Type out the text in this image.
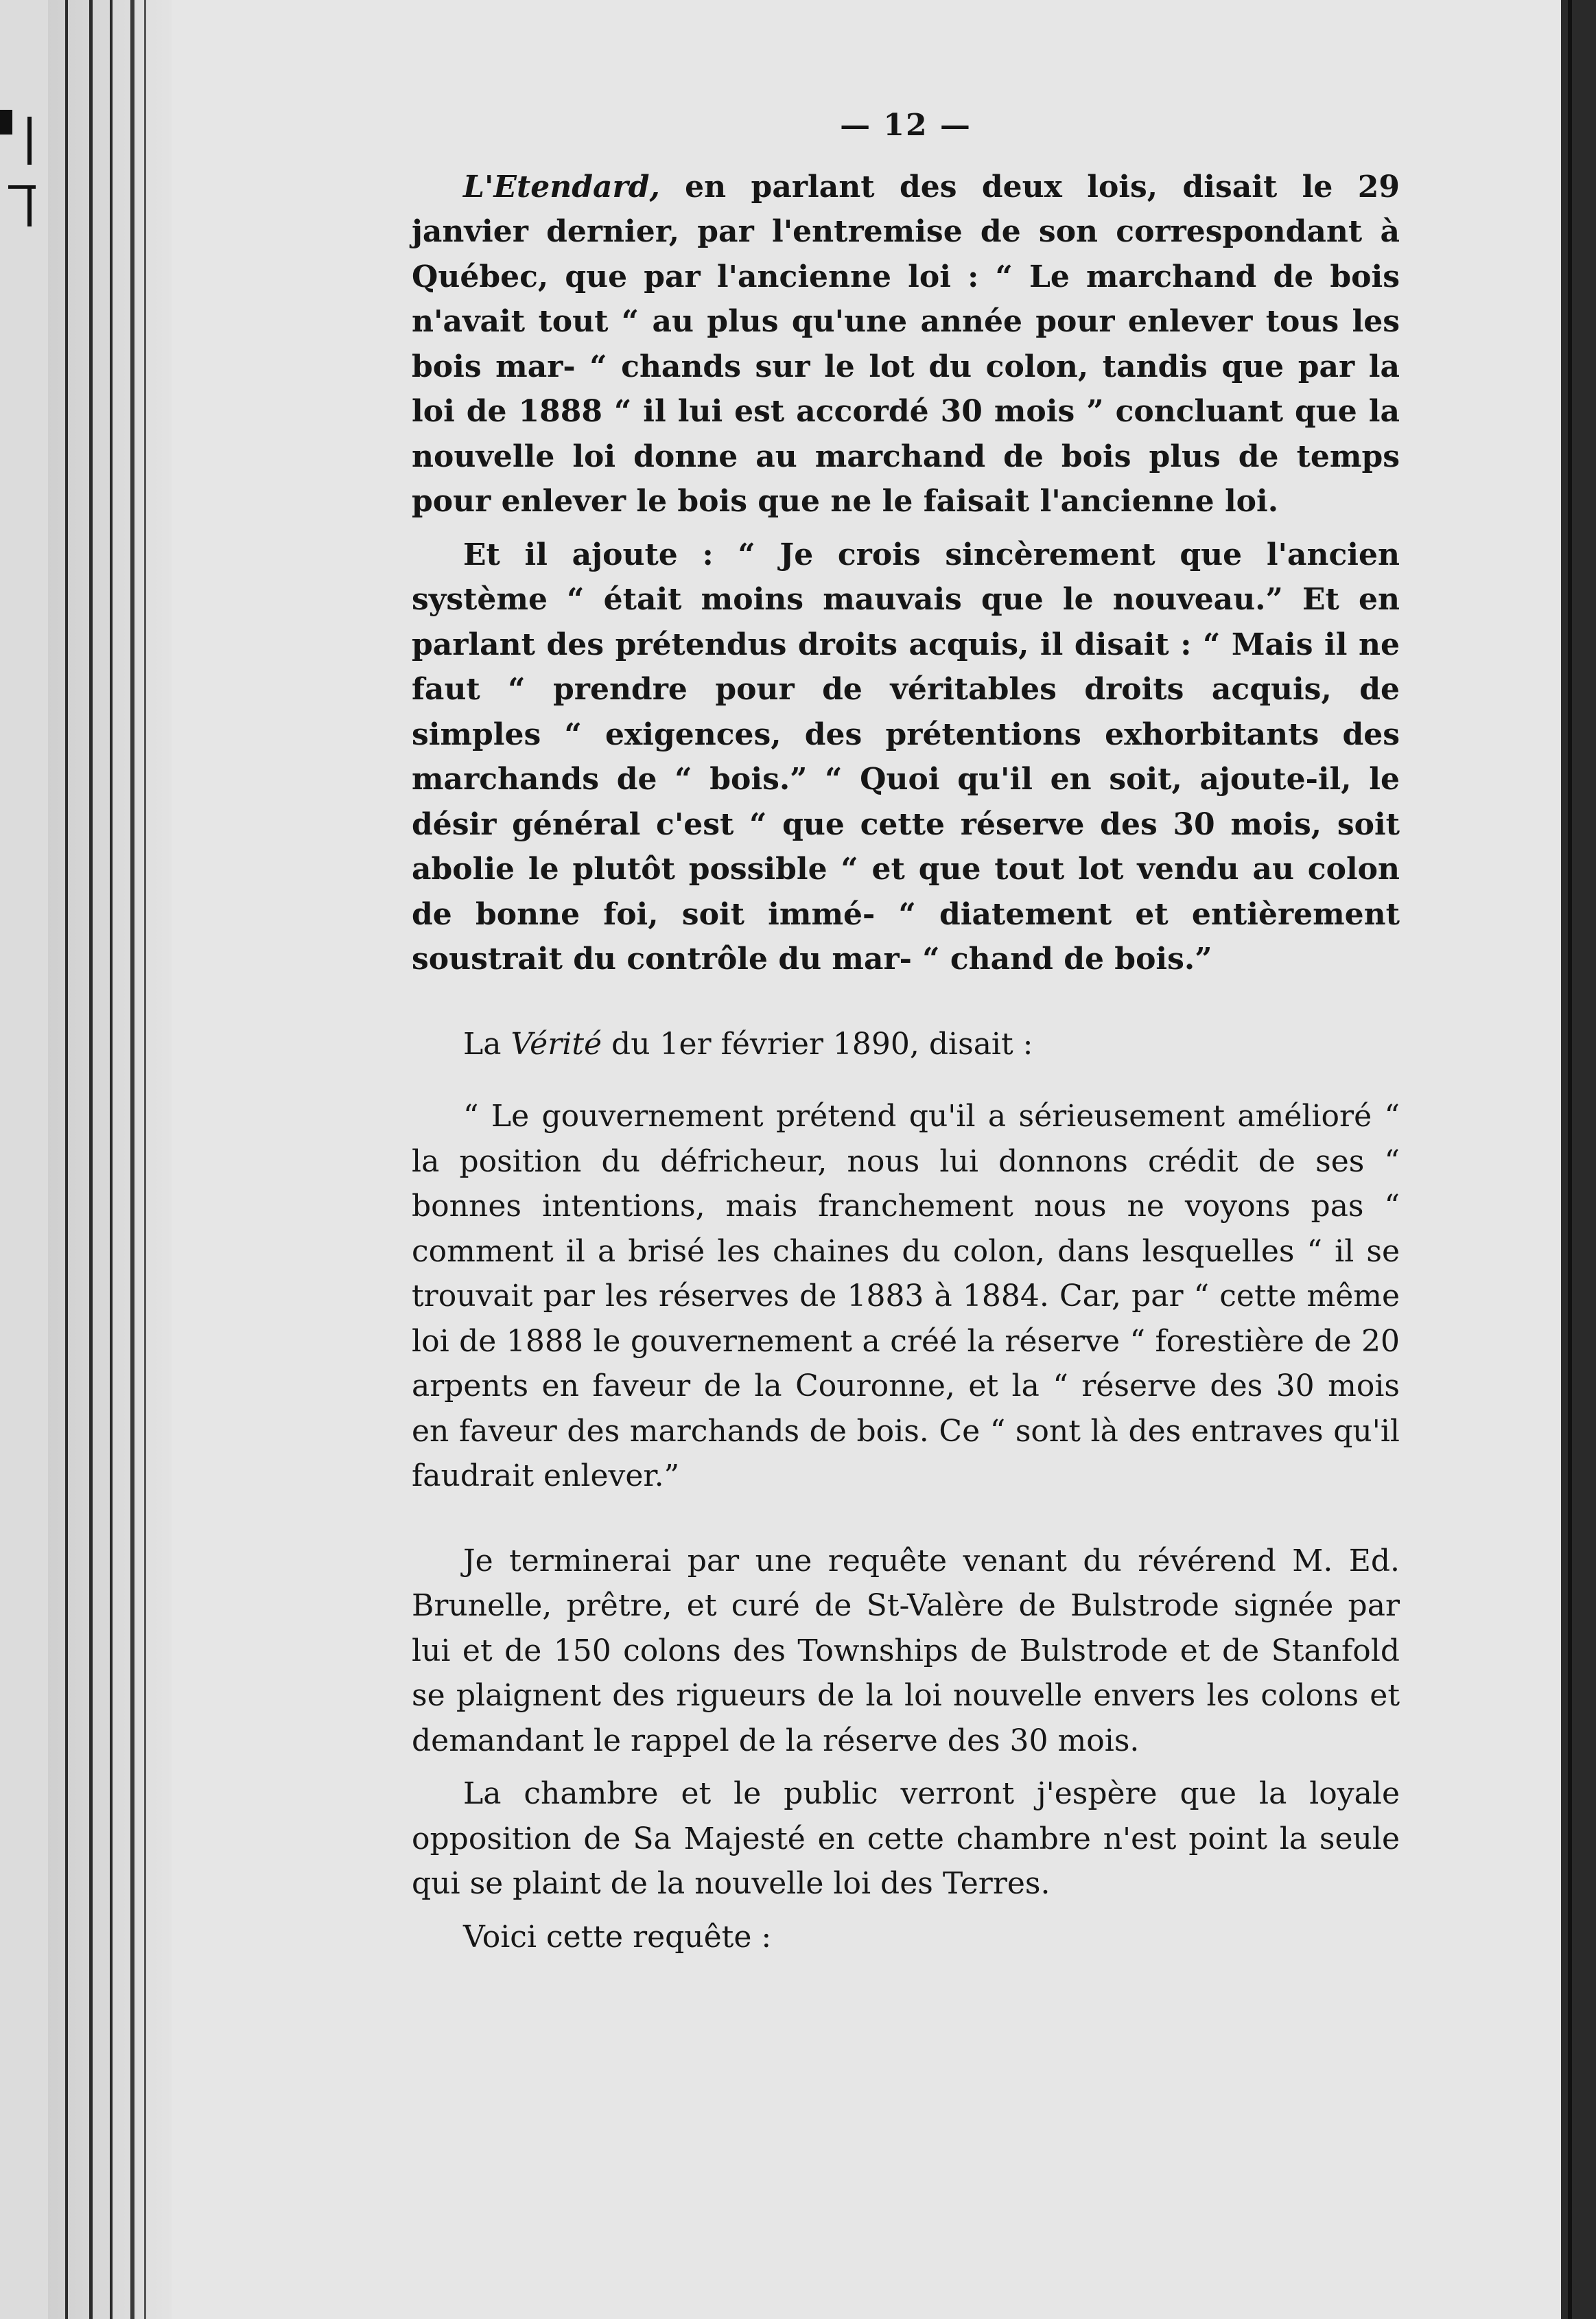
— 12 —

L'Etendard, en parlant des deux lois, disait le 29 janvier dernier, par l'entremise de son correspondant à Québec, que par l'ancienne loi : “ Le marchand de bois n'avait tout “ au plus qu'une année pour enlever tous les bois mar- “ chands sur le lot du colon, tandis que par la loi de 1888 “ il lui est accordé 30 mois ” concluant que la nouvelle loi donne au marchand de bois plus de temps pour enlever le bois que ne le faisait l'ancienne loi.

Et il ajoute : “ Je crois sincèrement que l'ancien système “ était moins mauvais que le nouveau.” Et en parlant des prétendus droits acquis, il disait : “ Mais il ne faut “ prendre pour de véritables droits acquis, de simples “ exigences, des prétentions exhorbitants des marchands de “ bois.” “ Quoi qu'il en soit, ajoute-il, le désir général c'est “ que cette réserve des 30 mois, soit abolie le plutôt possible “ et que tout lot vendu au colon de bonne foi, soit immé- “ diatement et entièrement soustrait du contrôle du mar- “ chand de bois.”

La Vérité du 1er février 1890, disait :

“ Le gouvernement prétend qu'il a sérieusement amélioré “ la position du défricheur, nous lui donnons crédit de ses “ bonnes intentions, mais franchement nous ne voyons pas “ comment il a brisé les chaines du colon, dans lesquelles “ il se trouvait par les réserves de 1883 à 1884. Car, par “ cette même loi de 1888 le gouvernement a créé la réserve “ forestière de 20 arpents en faveur de la Couronne, et la “ réserve des 30 mois en faveur des marchands de bois. Ce “ sont là des entraves qu'il faudrait enlever.”

Je terminerai par une requête venant du révérend M. Ed. Brunelle, prêtre, et curé de St-Valère de Bulstrode signée par lui et de 150 colons des Townships de Bulstrode et de Stanfold se plaignent des rigueurs de la loi nouvelle envers les colons et demandant le rappel de la réserve des 30 mois.

La chambre et le public verront j'espère que la loyale opposition de Sa Majesté en cette chambre n'est point la seule qui se plaint de la nouvelle loi des Terres.

Voici cette requête :
